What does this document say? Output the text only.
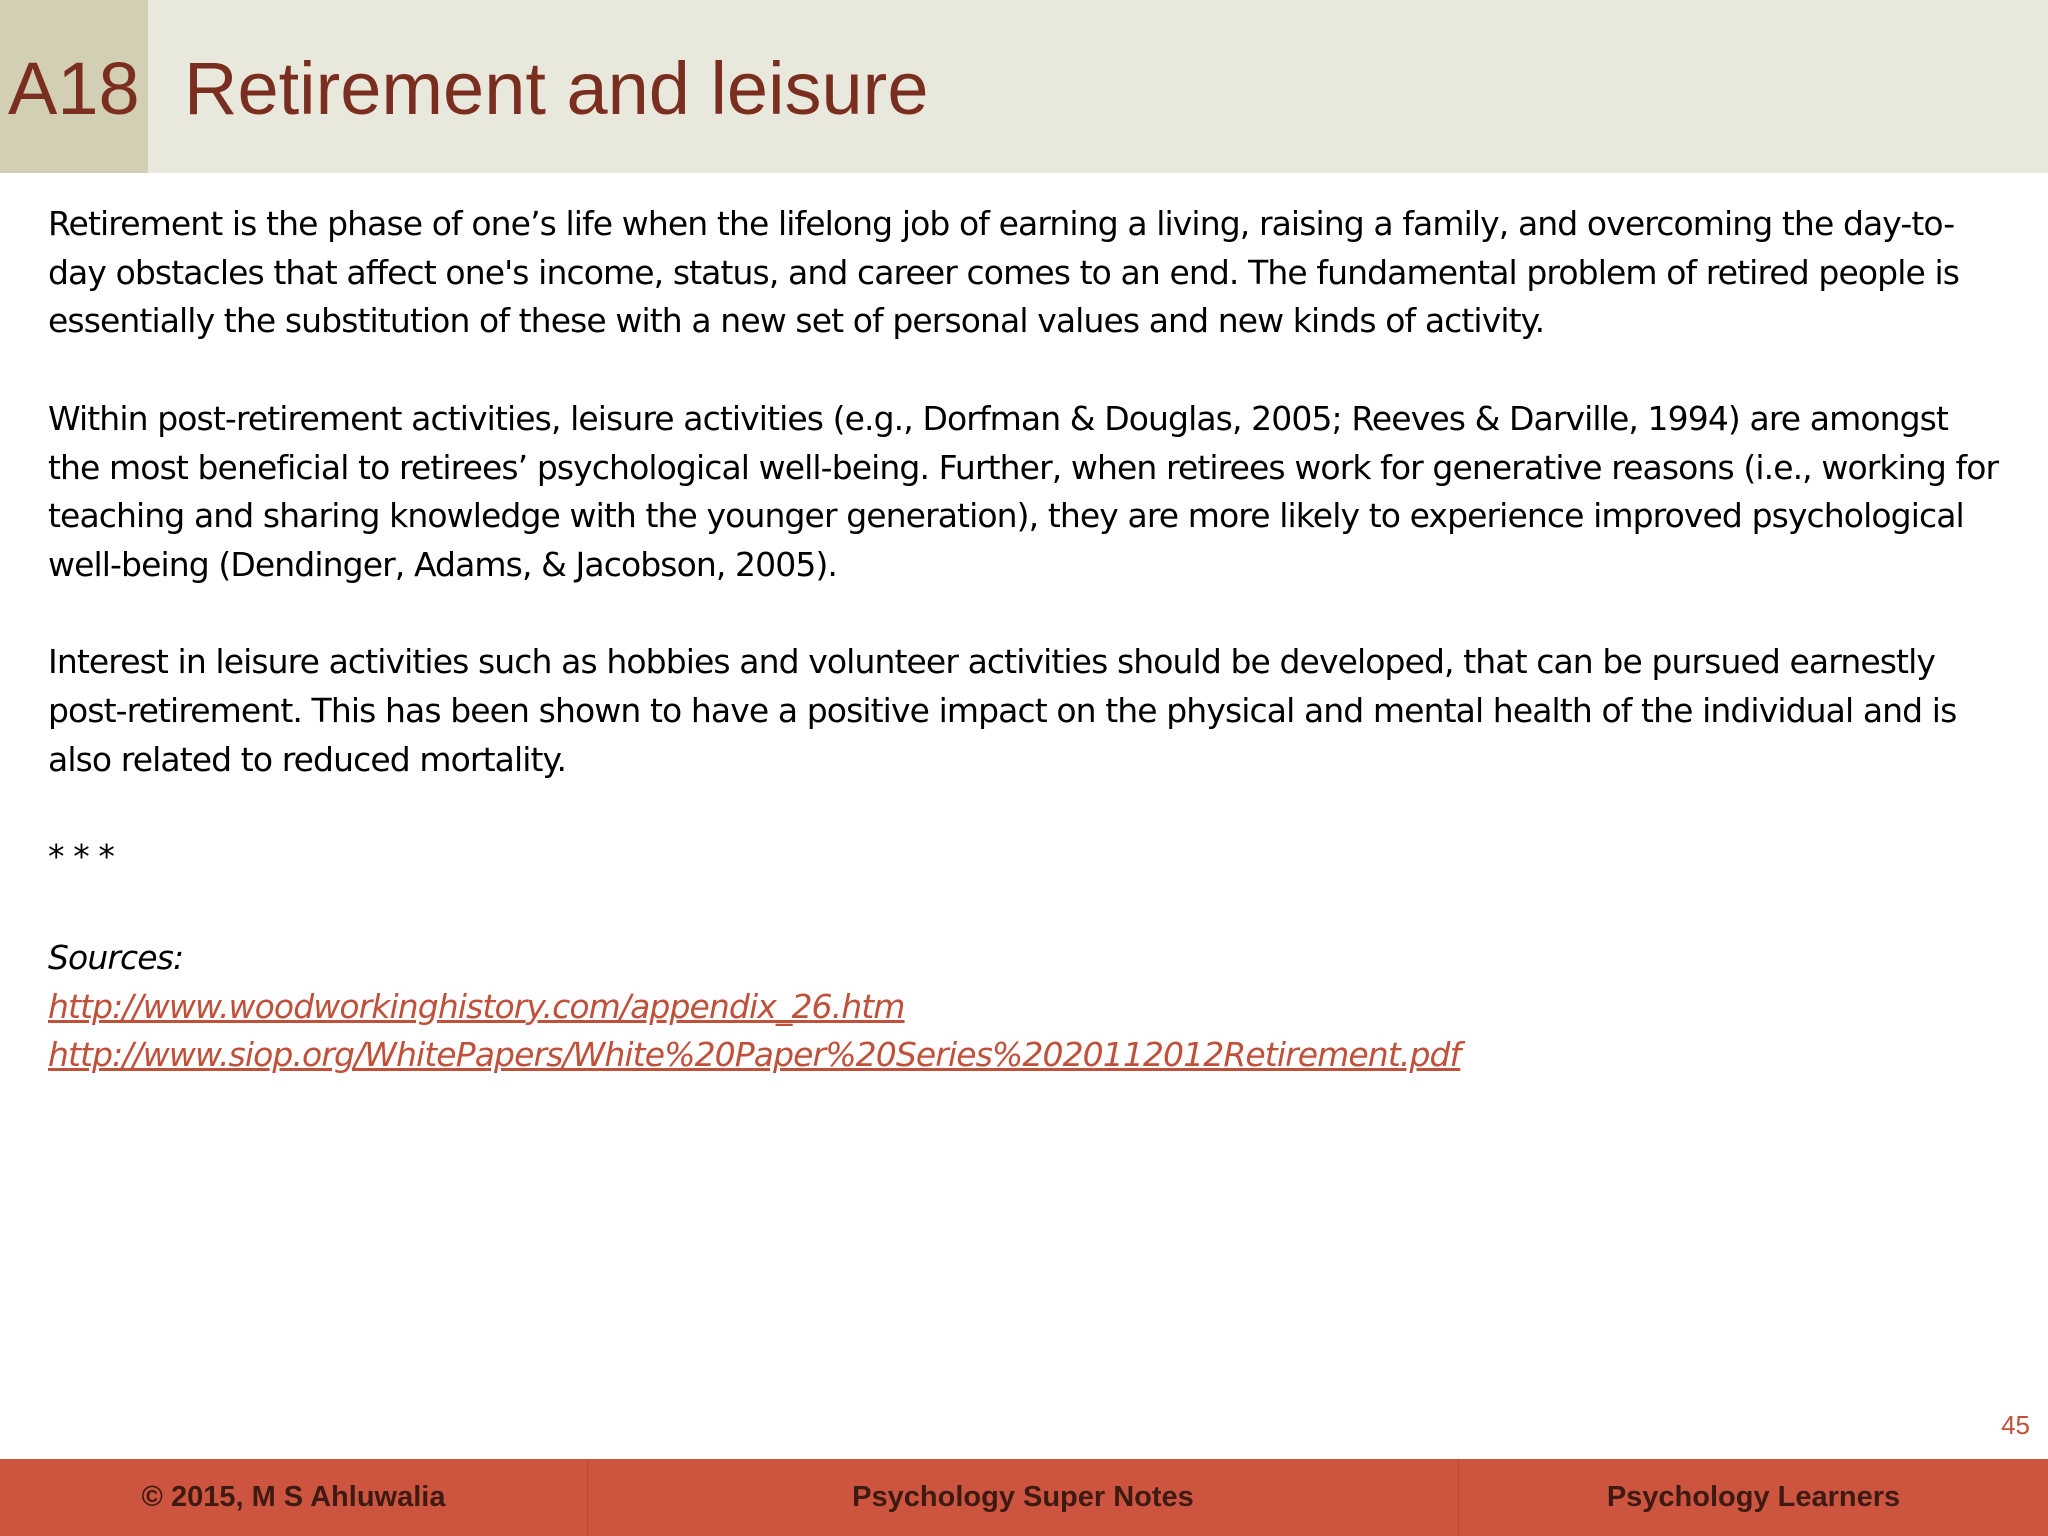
A18 Retirement and leisure

Retirement is the phase of one’s life when the lifelong job of earning a living, raising a family, and overcoming the day-to-day obstacles that affect one's income, status, and career comes to an end. The fundamental problem of retired people is essentially the substitution of these with a new set of personal values and new kinds of activity.

Within post-retirement activities, leisure activities (e.g., Dorfman & Douglas, 2005; Reeves & Darville, 1994) are amongst the most beneficial to retirees’ psychological well-being. Further, when retirees work for generative reasons (i.e., working for teaching and sharing knowledge with the younger generation), they are more likely to experience improved psychological well-being (Dendinger, Adams, & Jacobson, 2005).

Interest in leisure activities such as hobbies and volunteer activities should be developed, that can be pursued earnestly post-retirement. This has been shown to have a positive impact on the physical and mental health of the individual and is also related to reduced mortality.

* * *

Sources:

http://www.woodworkinghistory.com/appendix_26.htm
http://www.siop.org/WhitePapers/White%20Paper%20Series%2020112012Retirement.pdf
45
© 2015, M S Ahluwalia	Psychology Super Notes	Psychology Learners
